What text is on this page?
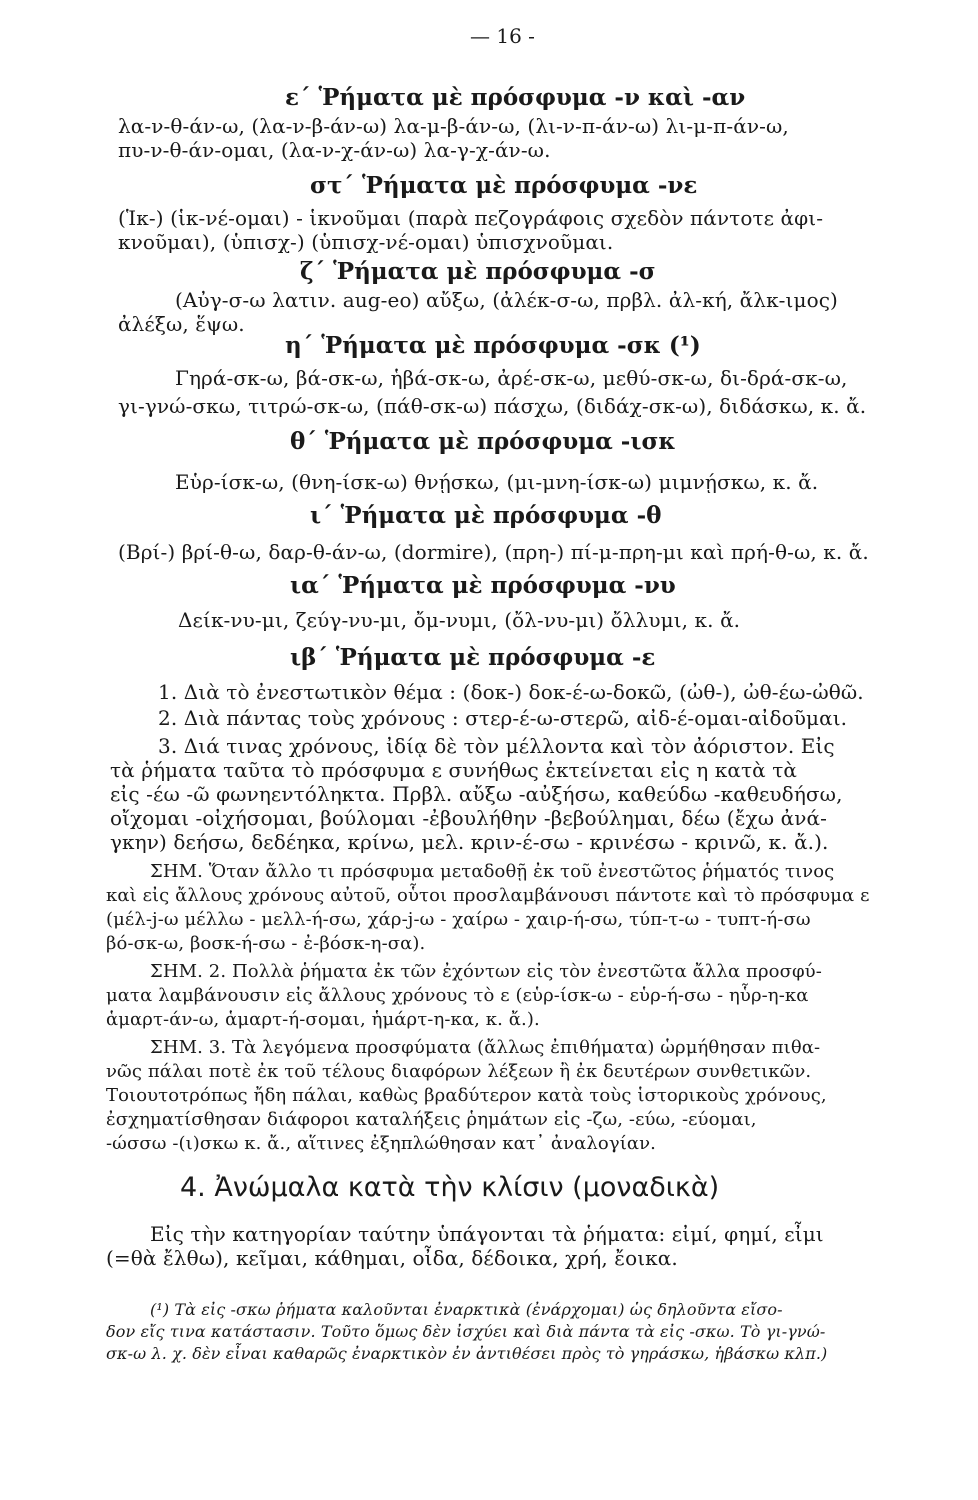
— 16 -
ε΄ Ῥήματα μὲ πρόσφυμα -ν καὶ -αν
λα-ν-θ-άν-ω, (λα-ν-β-άν-ω) λα-μ-β-άν-ω, (λι-ν-π-άν-ω) λι-μ-π-άν-ω,
πυ-ν-θ-άν-ομαι, (λα-ν-χ-άν-ω) λα-γ-χ-άν-ω.
στ΄ Ῥήματα μὲ πρόσφυμα -νε
(Ἱκ-) (ἱκ-νέ-ομαι) - ἱκνοῦμαι (παρὰ πεζογράφοις σχεδὸν πάντοτε ἀφι-
κνοῦμαι), (ὑπισχ-) (ὑπισχ-νέ-ομαι) ὑπισχνοῦμαι.
ζ΄ Ῥήματα μὲ πρόσφυμα -σ
(Αὐγ-σ-ω λατιν. aug-eo) αὔξω, (ἀλέκ-σ-ω, πρβλ. ἀλ-κή, ἄλκ-ιμος)
ἀλέξω, ἕψω.
η΄ Ῥήματα μὲ πρόσφυμα -σκ (¹)
Γηρά-σκ-ω, βά-σκ-ω, ἡβά-σκ-ω, ἀρέ-σκ-ω, μεθύ-σκ-ω, δι-δρά-σκ-ω,
γι-γνώ-σκω, τιτρώ-σκ-ω, (πάθ-σκ-ω) πάσχω, (διδάχ-σκ-ω), διδάσκω, κ. ἄ.
θ΄ Ῥήματα μὲ πρόσφυμα -ισκ
Εὑρ-ίσκ-ω, (θνη-ίσκ-ω) θνῄσκω, (μι-μνη-ίσκ-ω) μιμνῄσκω, κ. ἄ.
ι΄ Ῥήματα μὲ πρόσφυμα -θ
(Βρί-) βρί-θ-ω, δαρ-θ-άν-ω, (dormire), (πρη-) πί-μ-πρη-μι καὶ πρή-θ-ω, κ. ἄ.
ια΄ Ῥήματα μὲ πρόσφυμα -νυ
Δείκ-νυ-μι, ζεύγ-νυ-μι, ὄμ-νυμι, (ὄλ-νυ-μι) ὄλλυμι, κ. ἄ.
ιβ΄ Ῥήματα μὲ πρόσφυμα -ε
1. Διὰ τὸ ἐνεστωτικὸν θέμα : (δοκ-) δοκ-έ-ω-δοκῶ, (ὠθ-), ὠθ-έω-ὠθῶ.
2. Διὰ πάντας τοὺς χρόνους : στερ-έ-ω-στερῶ, αἰδ-έ-ομαι-αἰδοῦμαι.
3. Διά τινας χρόνους, ἰδίᾳ δὲ τὸν μέλλοντα καὶ τὸν ἀόριστον. Εἰς
τὰ ῥήματα ταῦτα τὸ πρόσφυμα ε συνήθως ἐκτείνεται εἰς η κατὰ τὰ
εἰς -έω -ῶ φωνηεντόληκτα. Πρβλ. αὔξω -αὐξήσω, καθεύδω -καθευδήσω,
οἴχομαι -οἰχήσομαι, βούλομαι -ἐβουλήθην -βεβούλημαι, δέω (ἔχω ἀνά-
γκην) δεήσω, δεδέηκα, κρίνω, μελ. κριν-έ-σω - κρινέσω - κρινῶ, κ. ἄ.).
ΣΗΜ. Ὅταν ἄλλο τι πρόσφυμα μεταδοθῇ ἐκ τοῦ ἐνεστῶτος ῥήματός τινος
καὶ εἰς ἄλλους χρόνους αὐτοῦ, οὗτοι προσλαμβάνουσι πάντοτε καὶ τὸ πρόσφυμα ε
(μέλ-j-ω μέλλω - μελλ-ή-σω, χάρ-j-ω - χαίρω - χαιρ-ή-σω, τύπ-τ-ω - τυπτ-ή-σω
βό-σκ-ω, βοσκ-ή-σω - ἐ-βόσκ-η-σα).
ΣΗΜ. 2. Πολλὰ ῥήματα ἐκ τῶν ἐχόντων εἰς τὸν ἐνεστῶτα ἄλλα προσφύ-
ματα λαμβάνουσιν εἰς ἄλλους χρόνους τὸ ε (εὑρ-ίσκ-ω - εὑρ-ή-σω - ηὗρ-η-κα
ἁμαρτ-άν-ω, ἁμαρτ-ή-σομαι, ἡμάρτ-η-κα, κ. ἄ.).
ΣΗΜ. 3. Τὰ λεγόμενα προσφύματα (ἄλλως ἐπιθήματα) ὡρμήθησαν πιθα-
νῶς πάλαι ποτὲ ἐκ τοῦ τέλους διαφόρων λέξεων ἢ ἐκ δευτέρων συνθετικῶν.
Τοιουτοτρόπως ἤδη πάλαι, καθὼς βραδύτερον κατὰ τοὺς ἱστορικοὺς χρόνους,
ἐσχηματίσθησαν διάφοροι καταλήξεις ῥημάτων εἰς -ζω, -εύω, -εύομαι,
-ώσσω -(ι)σκω κ. ἄ., αἵτινες ἐξηπλώθησαν κατ᾽ ἀναλογίαν.
4. Ἀνώμαλα κατὰ τὴν κλίσιν (μοναδικὰ)
Εἰς τὴν κατηγορίαν ταύτην ὑπάγονται τὰ ῥήματα: εἰμί, φημί, εἶμι
(=θὰ ἔλθω), κεῖμαι, κάθημαι, οἶδα, δέδοικα, χρή, ἔοικα.
(¹) Τὰ εἰς -σκω ῥήματα καλοῦνται ἐναρκτικὰ (ἐνάρχομαι) ὡς δηλοῦντα εἴσο-
δον εἴς τινα κατάστασιν. Τοῦτο ὅμως δὲν ἰσχύει καὶ διὰ πάντα τὰ εἰς -σκω. Τὸ γι-γνώ-
σκ-ω λ. χ. δὲν εἶναι καθαρῶς ἐναρκτικὸν ἐν ἀντιθέσει πρὸς τὸ γηράσκω, ἡβάσκω κλπ.)
